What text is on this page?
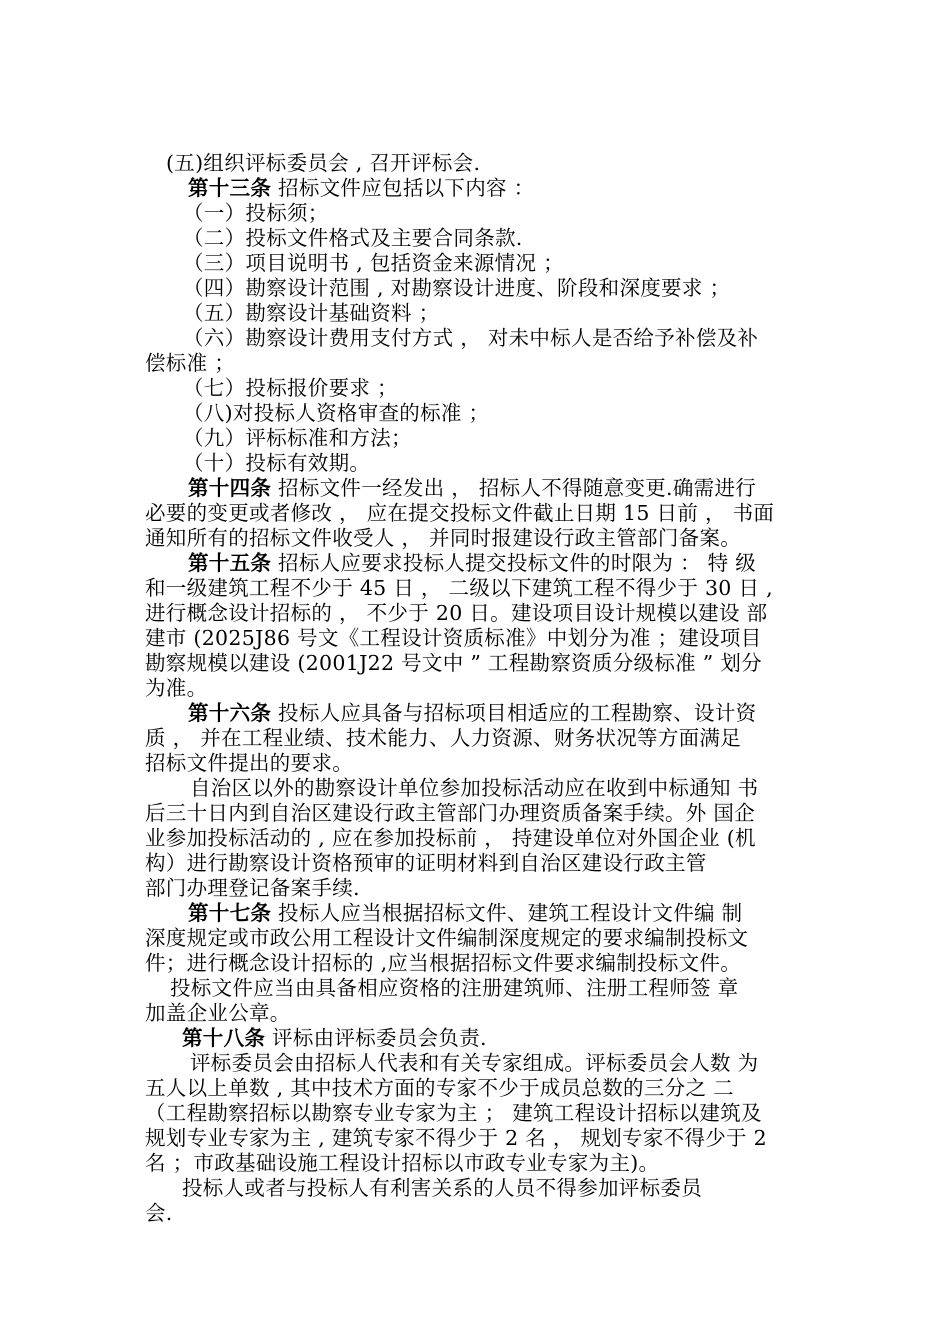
(五)组织评标委员会 , 召开评标会.
第十三条 招标文件应包括以下内容 ：
（一）投标须；
（二）投标文件格式及主要合同条款.
（三）项目说明书 , 包括资金来源情况 ；
（四）勘察设计范围 , 对勘察设计进度、阶段和深度要求 ；
（五）勘察设计基础资料 ；
（六）勘察设计费用支付方式 ， 对未中标人是否给予补偿及补
偿标准 ；
（七）投标报价要求 ；
（八)对投标人资格审查的标准 ；
（九）评标标准和方法；
（十）投标有效期。
第十四条 招标文件一经发出 ， 招标人不得随意变更.确需进行
必要的变更或者修改 ， 应在提交投标文件截止日期 15 日前 ， 书面
通知所有的招标文件收受人 ， 并同时报建设行政主管部门备案。
第十五条 招标人应要求投标人提交投标文件的时限为 ： 特 级
和一级建筑工程不少于 45 日 ， 二级以下建筑工程不得少于 30 日 ,
进行概念设计招标的 ， 不少于 20 日。建设项目设计规模以建设 部
建市 (2025J86 号文《工程设计资质标准》中划分为准 ；建设项目
勘察规模以建设 (2001J22 号文中 ” 工程勘察资质分级标准 ” 划分
为准。
第十六条 投标人应具备与招标项目相适应的工程勘察、设计资
质 ， 并在工程业绩、技术能力、人力资源、财务状况等方面满足
招标文件提出的要求。
自治区以外的勘察设计单位参加投标活动应在收到中标通知 书
后三十日内到自治区建设行政主管部门办理资质备案手续。外 国企
业参加投标活动的 , 应在参加投标前 ， 持建设单位对外国企业 (机
构）进行勘察设计资格预审的证明材料到自治区建设行政主管
部门办理登记备案手续.
第十七条 投标人应当根据招标文件、建筑工程设计文件编 制
深度规定或市政公用工程设计文件编制深度规定的要求编制投标文
件；进行概念设计招标的 ,应当根据招标文件要求编制投标文件。
投标文件应当由具备相应资格的注册建筑师、注册工程师签 章
加盖企业公章。
第十八条 评标由评标委员会负责.
评标委员会由招标人代表和有关专家组成。评标委员会人数 为
五人以上单数 , 其中技术方面的专家不少于成员总数的三分之 二
（工程勘察招标以勘察专业专家为主 ； 建筑工程设计招标以建筑及
规划专业专家为主 , 建筑专家不得少于 2 名 ， 规划专家不得少于 2
名 ；市政基础设施工程设计招标以市政专业专家为主)。
投标人或者与投标人有利害关系的人员不得参加评标委员
会.
